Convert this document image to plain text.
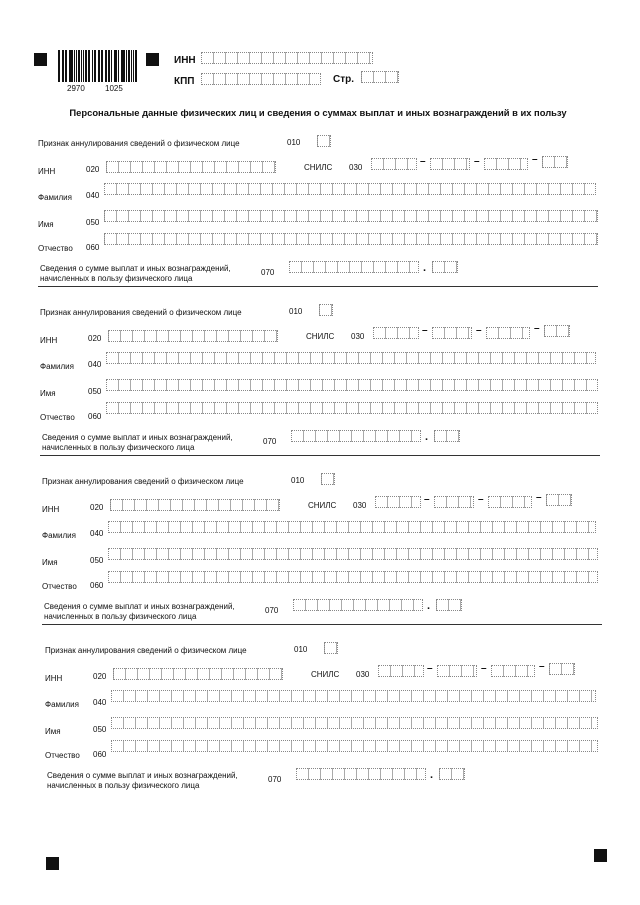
2970	1025
ИНН
КПП	Стр.
Персональные данные физических лиц и сведения о суммах выплат и иных вознаграждений в их пользу
Признак аннулирования сведений о физическом лице	010
ИНН	020	СНИЛС 030
–	–	–
Фамилия 040
Имя	050
Отчество 060
Сведения о сумме выплат и иных вознаграждений,
начисленных в пользу физического лица
070	.
Признак аннулирования сведений о физическом лице	010
ИНН	020	СНИЛС 030
–	–	–
Фамилия 040
Имя	050
Отчество 060
Сведения о сумме выплат и иных вознаграждений,
начисленных в пользу физического лица
070	.
Признак аннулирования сведений о физическом лице	010
ИНН	020	СНИЛС 030
–	–	–
Фамилия 040
Имя	050
Отчество 060
Сведения о сумме выплат и иных вознаграждений,
начисленных в пользу физического лица
070	.
Признак аннулирования сведений о физическом лице	010
ИНН	020	СНИЛС 030
–	–	–
Фамилия 040
Имя	050
Отчество 060
Сведения о сумме выплат и иных вознаграждений,
начисленных в пользу физического лица
070	.
